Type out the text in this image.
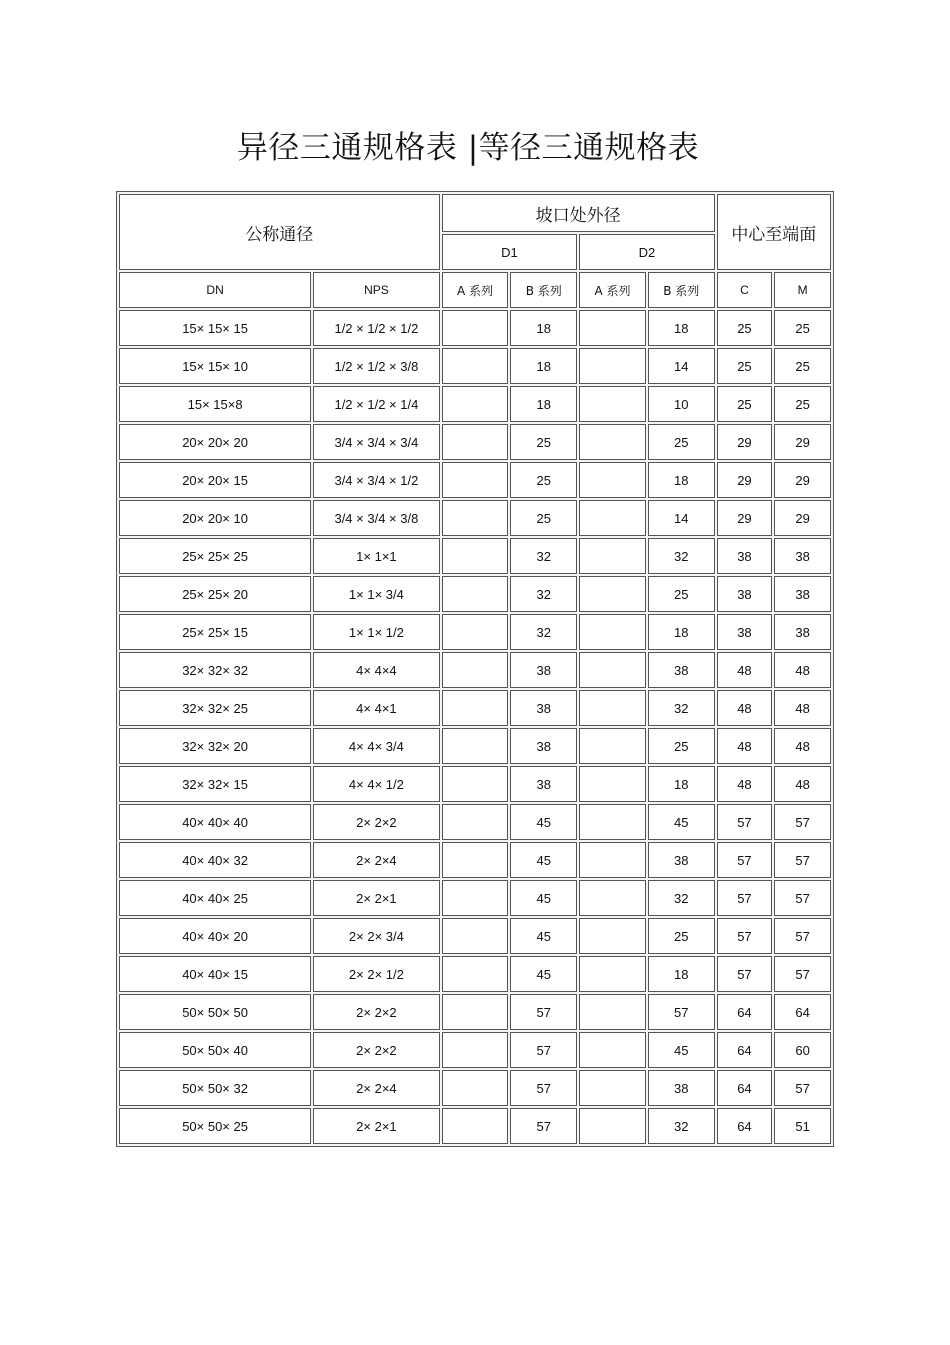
异径三通规格表 |等径三通规格表
公称通径		坡口处外径				中心至端面	
		D1		D2			
DN	NPS	A 系列	B 系列	A 系列	B 系列	C	M
15× 15× 15	1/2 × 1/2 × 1/2		18		18	25	25
15× 15× 10	1/2 × 1/2 × 3/8		18		14	25	25
15× 15×8	1/2 × 1/2 × 1/4		18		10	25	25
20× 20× 20	3/4 × 3/4 × 3/4		25		25	29	29
20× 20× 15	3/4 × 3/4 × 1/2		25		18	29	29
20× 20× 10	3/4 × 3/4 × 3/8		25		14	29	29
25× 25× 25	1× 1×1		32		32	38	38
25× 25× 20	1× 1× 3/4		32		25	38	38
25× 25× 15	1× 1× 1/2		32		18	38	38
32× 32× 32	4× 4×4		38		38	48	48
32× 32× 25	4× 4×1		38		32	48	48
32× 32× 20	4× 4× 3/4		38		25	48	48
32× 32× 15	4× 4× 1/2		38		18	48	48
40× 40× 40	2× 2×2		45		45	57	57
40× 40× 32	2× 2×4		45		38	57	57
40× 40× 25	2× 2×1		45		32	57	57
40× 40× 20	2× 2× 3/4		45		25	57	57
40× 40× 15	2× 2× 1/2		45		18	57	57
50× 50× 50	2× 2×2		57		57	64	64
50× 50× 40	2× 2×2		57		45	64	60
50× 50× 32	2× 2×4		57		38	64	57
50× 50× 25	2× 2×1		57		32	64	51
